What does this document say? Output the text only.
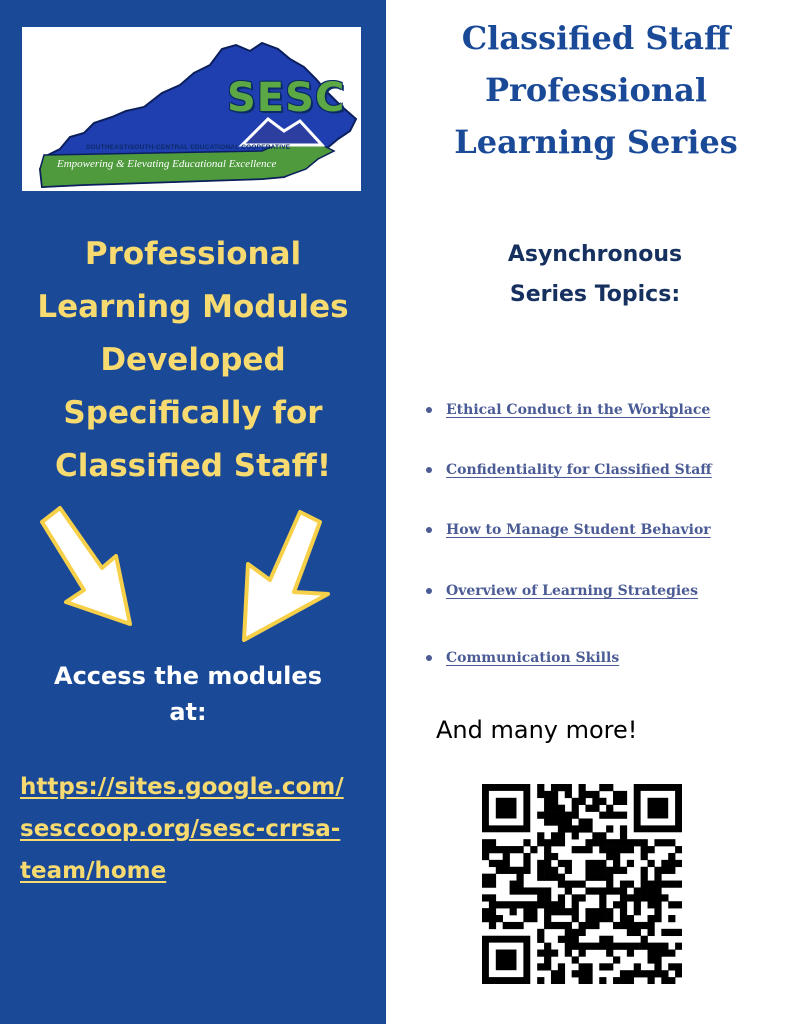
SESC
SOUTHEAST/SOUTH-CENTRAL EDUCATIONAL COOPERATIVE
Empowering & Elevating Educational Excellence
Professional
Learning Modules
Developed
Specifically for
Classified Staff!
Access the modules
at:
https://sites.google.com/
sesccoop.org/sesc-crrsa-
team/home
Classified Staff
Professional
Learning Series
Asynchronous
Series Topics:
Ethical Conduct in the Workplace
Confidentiality for Classified Staff
How to Manage Student Behavior
Overview of Learning Strategies
Communication Skills
And many more!
